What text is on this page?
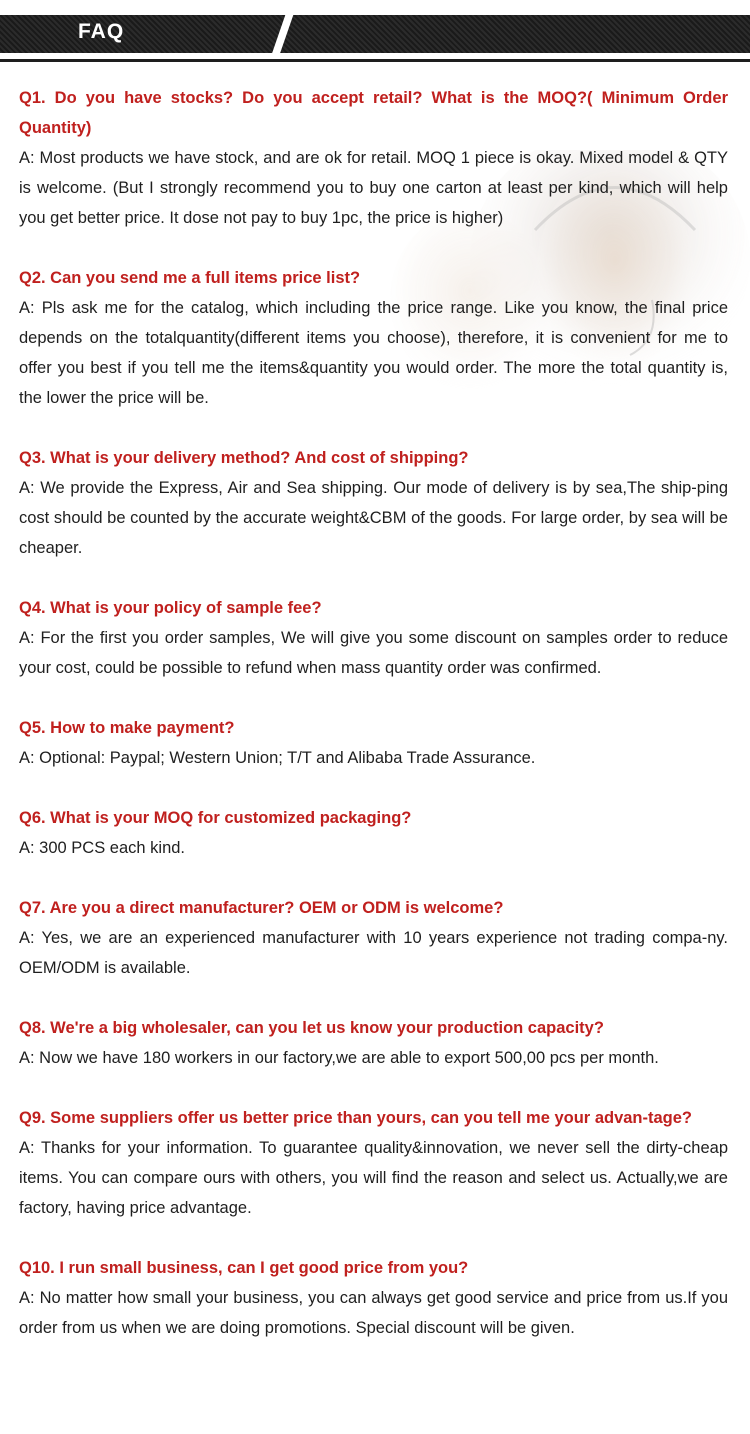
FAQ

Q1. Do you have stocks? Do you accept retail? What is the MOQ?( Minimum Order Quantity)

A: Most products we have stock, and are ok for retail. MOQ 1 piece is okay. Mixed model & QTY is welcome. (But I strongly recommend you to buy one carton at least per kind, which will help you get better price. It dose not pay to buy 1pc, the price is higher)

Q2. Can you send me a full items price list?

A: Pls ask me for the catalog, which including the price range. Like you know, the final price depends on the totalquantity(different items you choose), therefore, it is convenient for me to offer you best if you tell me the items&quantity you would order. The more the total quantity is, the lower the price will be.

Q3. What is your delivery method? And cost of shipping?

A: We provide the Express, Air and Sea shipping. Our mode of delivery is by sea,The ship-ping cost should be counted by the accurate weight&CBM of the goods. For large order, by sea will be cheaper.

Q4. What is your policy of sample fee?

A: For the first you order samples, We will give you some discount on samples order to reduce your cost, could be possible to refund when mass quantity order was confirmed.

Q5. How to make payment?

A: Optional: Paypal; Western Union; T/T and Alibaba Trade Assurance.

Q6. What is your MOQ for customized packaging?

A: 300 PCS each kind.

Q7. Are you a direct manufacturer? OEM or ODM is welcome?

A: Yes, we are an experienced manufacturer with 10 years experience not trading compa-ny. OEM/ODM is available.

Q8. We're a big wholesaler, can you let us know your production capacity?

A: Now we have 180 workers in our factory,we are able to export 500,00 pcs per month.

Q9. Some suppliers offer us better price than yours, can you tell me your advan-tage?

A: Thanks for your information. To guarantee quality&innovation, we never sell the dirty-cheap items. You can compare ours with others, you will find the reason and select us. Actually,we are factory, having price advantage.

Q10. I run small business, can I get good price from you?

A: No matter how small your business, you can always get good service and price from us.If you order from us when we are doing promotions. Special discount will be given.
